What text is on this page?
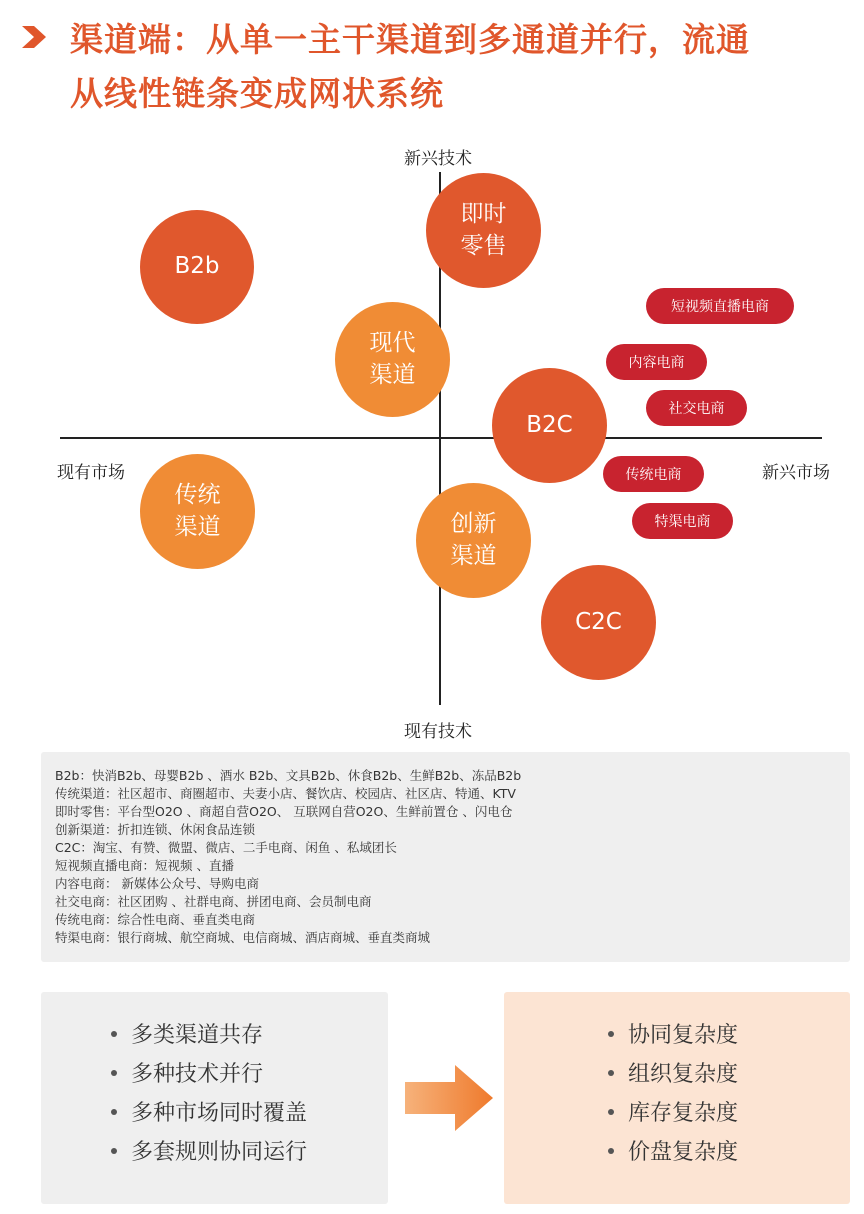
渠道端：从单一主干渠道到多通道并行，流通
从线性链条变成网状系统
新兴技术
现有技术
现有市场	新兴市场
B2b
即时
零售
现代
渠道
B2C
传统
渠道	创新
渠道
C2C
短视频直播电商
内容电商
社交电商
传统电商
特渠电商
B2b：快消B2b、母婴B2b 、酒水 B2b、文具B2b、休食B2b、生鲜B2b、冻品B2b
传统渠道：社区超市、商圈超市、夫妻小店、餐饮店、校园店、社区店、特通、KTV
即时零售：平台型O2O 、商超自营O2O、 互联网自营O2O、生鲜前置仓 、闪电仓
创新渠道：折扣连锁、休闲食品连锁
C2C：淘宝、有赞、微盟、微店、二手电商、闲鱼 、私域团长
短视频直播电商：短视频 、直播
内容电商： 新媒体公众号、导购电商
社交电商：社区团购 、社群电商、拼团电商、会员制电商
传统电商：综合性电商、垂直类电商
特渠电商：银行商城、航空商城、电信商城、酒店商城、垂直类商城
多类渠道共存
多种技术并行
多种市场同时覆盖
多套规则协同运行
协同复杂度
组织复杂度
库存复杂度
价盘复杂度
